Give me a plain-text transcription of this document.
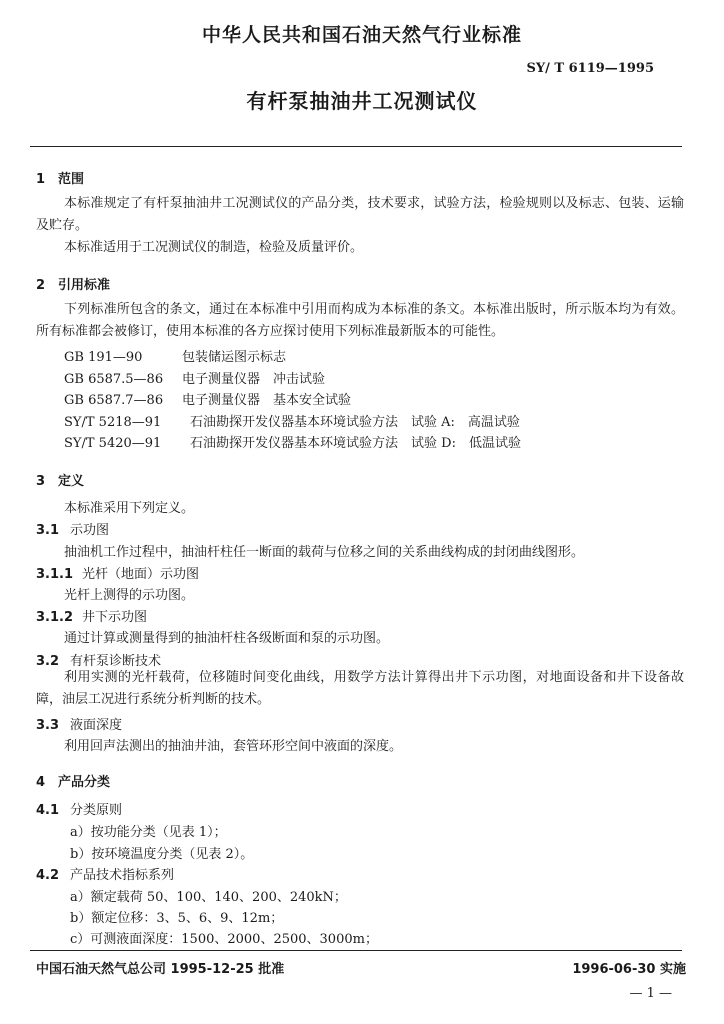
中华人民共和国石油天然气行业标准
SY/ T 6119—1995
有杆泵抽油井工况测试仪
1　范围
本标准规定了有杆泵抽油井工况测试仪的产品分类，技术要求，试验方法，检验规则以及标志、包装、运输及贮存。
本标准适用于工况测试仪的制造，检验及质量评价。
2　引用标准
下列标准所包含的条文，通过在本标准中引用而构成为本标准的条文。本标准出版时，所示版本均为有效。所有标准都会被修订，使用本标准的各方应探讨使用下列标准最新版本的可能性。
GB 191—90	包装储运图示标志
GB 6587.5—86 电子测量仪器　冲击试验
GB 6587.7—86 电子测量仪器　基本安全试验
SY/T 5218—91 石油勘探开发仪器基本环境试验方法　 试验 A:　高温试验
SY/T 5420—91 石油勘探开发仪器基本环境试验方法　 试验 D:　低温试验
3　定义
本标准采用下列定义。
3.1 示功图
抽油机工作过程中，抽油杆柱任一断面的载荷与位移之间的关系曲线构成的封闭曲线图形。
3.1.1 光杆（地面）示功图
光杆上测得的示功图。
3.1.2 井下示功图
通过计算或测量得到的抽油杆柱各级断面和泵的示功图。
3.2 有杆泵诊断技术
利用实测的光杆载荷，位移随时间变化曲线，用数学方法计算得出井下示功图，对地面设备和井下设备故障，油层工况进行系统分析判断的技术。
3.3 液面深度
利用回声法测出的抽油井油，套管环形空间中液面的深度。
4　产品分类
4.1 分类原则
a）按功能分类（见表 1）；
b）按环境温度分类（见表 2）。
4.2 产品技术指标系列
a）额定载荷 50、100、140、200、240kN；
b）额定位移：3、5、6、9、12m；
c）可测液面深度：1500、2000、2500、3000m；
中国石油天然气总公司 1995-12-25 批准	1996-06-30 实施
— 1 —
